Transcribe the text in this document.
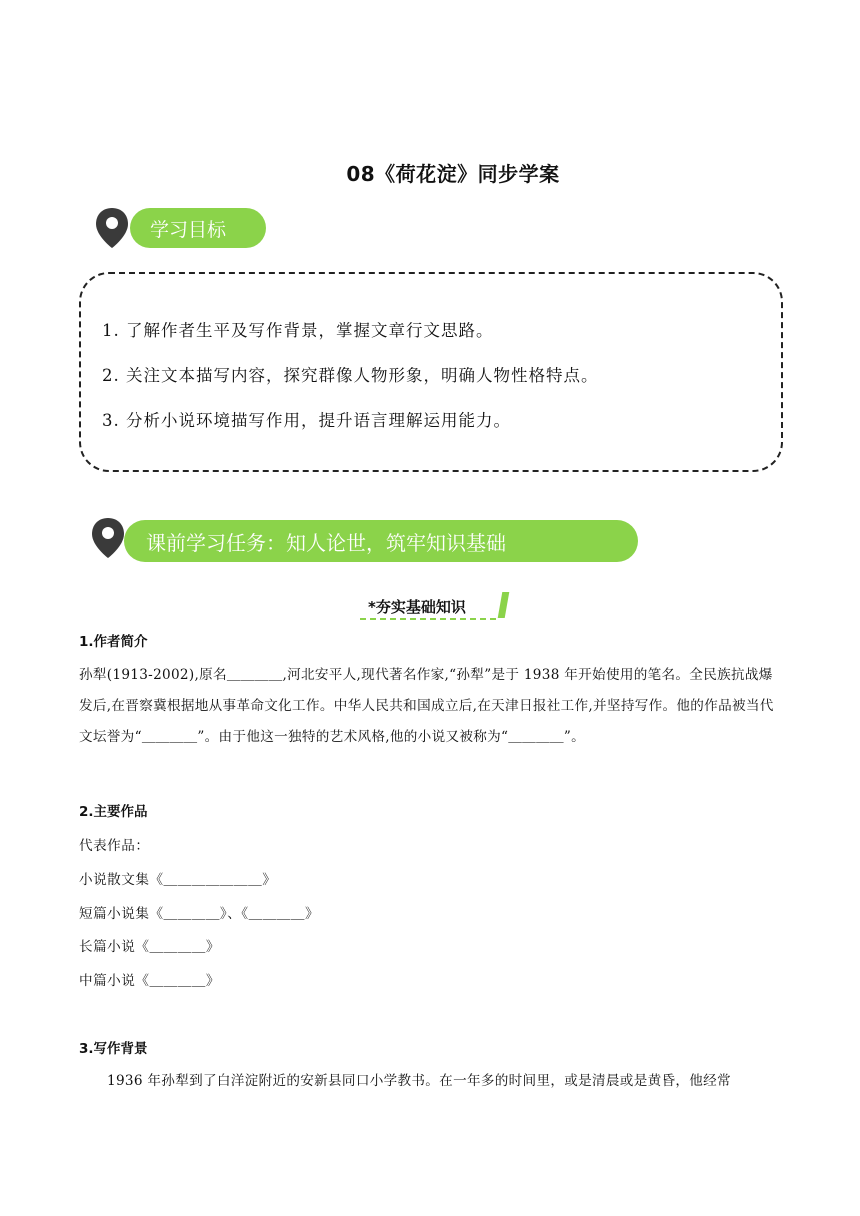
08《荷花淀》同步学案
学习目标
1. 了解作者生平及写作背景，掌握文章行文思路。
2. 关注文本描写内容，探究群像人物形象，明确人物性格特点。
3. 分析小说环境描写作用，提升语言理解运用能力。
课前学习任务：知人论世，筑牢知识基础
*夯实基础知识
1.作者简介
孙犁(1913-2002),原名＿＿＿＿,河北安平人,现代著名作家,“孙犁”是于 1938 年开始使用的笔名。全民族抗战爆发后,在晋察冀根据地从事革命文化工作。中华人民共和国成立后,在天津日报社工作,并坚持写作。他的作品被当代文坛誉为“＿＿＿＿”。由于他这一独特的艺术风格,他的小说又被称为“＿＿＿＿”。
2.主要作品
代表作品：
小说散文集《＿＿＿＿＿＿＿》
短篇小说集《＿＿＿＿》、《＿＿＿＿》
长篇小说《＿＿＿＿》
中篇小说《＿＿＿＿》
3.写作背景
1936 年孙犁到了白洋淀附近的安新县同口小学教书。在一年多的时间里，或是清晨或是黄昏，他经常
